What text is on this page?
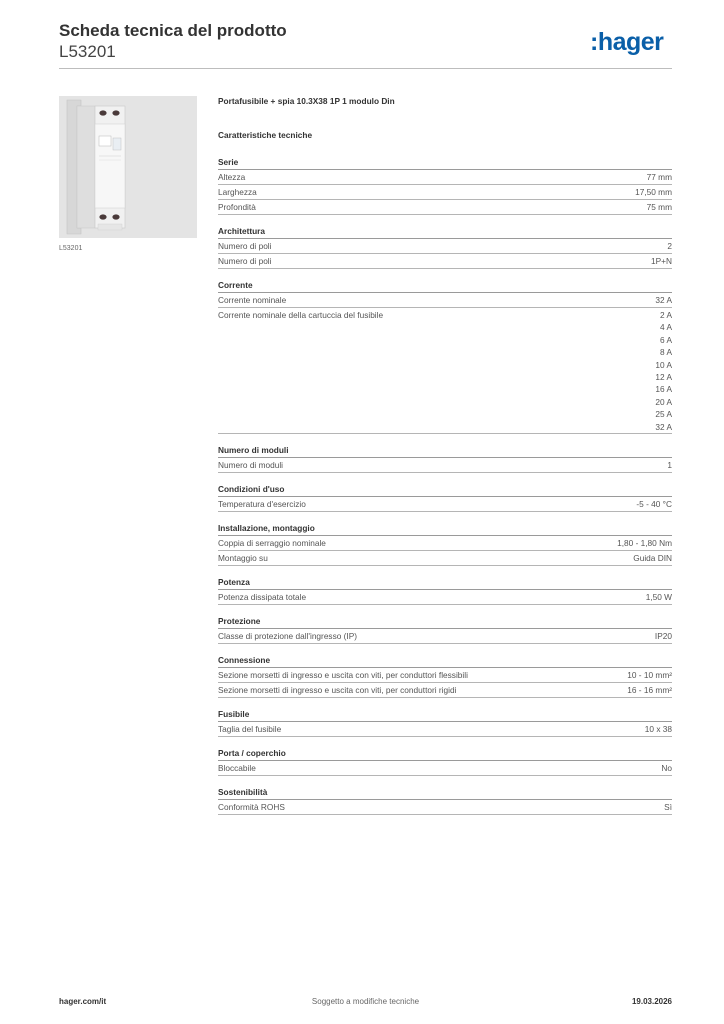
Scheda tecnica del prodotto
L53201	:hager
L53201
Portafusibile + spia 10.3X38 1P 1 modulo Din
Caratteristiche tecniche
Serie
Altezza	77 mm
Larghezza	17,50 mm
Profondità	75 mm
Architettura
Numero di poli	2
Numero di poli	1P+N
Corrente
Corrente nominale	32 A
Corrente nominale della cartuccia del fusibile	2 A
4 A
6 A
8 A
10 A
12 A
16 A
20 A
25 A
32 A
Numero di moduli
Numero di moduli	1
Condizioni d'uso
Temperatura d'esercizio	-5 - 40 °C
Installazione, montaggio
Coppia di serraggio nominale	1,80 - 1,80 Nm
Montaggio su	Guida DIN
Potenza
Potenza dissipata totale	1,50 W
Protezione
Classe di protezione dall'ingresso (IP)	IP20
Connessione
Sezione morsetti di ingresso e uscita con viti, per conduttori flessibili	10 - 10 mm²
Sezione morsetti di ingresso e uscita con viti, per conduttori rigidi	16 - 16 mm²
Fusibile
Taglia del fusibile	10 x 38
Porta / coperchio
Bloccabile	No
Sostenibilità
Conformità ROHS	Sì
hager.com/it	Soggetto a modifiche tecniche	19.03.2026
